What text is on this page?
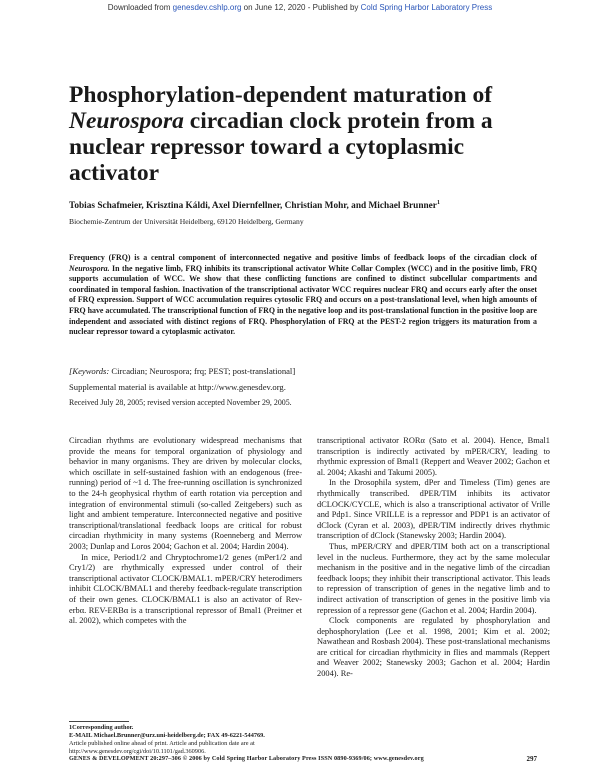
Downloaded from genesdev.cshlp.org on June 12, 2020 - Published by Cold Spring Harbor Laboratory Press
Phosphorylation-dependent maturation of Neurospora circadian clock protein from a nuclear repressor toward a cytoplasmic activator
Tobias Schafmeier, Krisztina Káldi, Axel Diernfellner, Christian Mohr, and Michael Brunner$^1$
Biochemie-Zentrum der Universität Heidelberg, 69120 Heidelberg, Germany

Frequency (FRQ) is a central component of interconnected negative and positive limbs of feedback loops of the circadian clock of Neurospora. In the negative limb, FRQ inhibits its transcriptional activator White Collar Complex (WCC) and in the positive limb, FRQ supports accumulation of WCC. We show that these conflicting functions are confined to distinct subcellular compartments and coordinated in temporal fashion. Inactivation of the transcriptional activator WCC requires nuclear FRQ and occurs early after the onset of FRQ expression. Support of WCC accumulation requires cytosolic FRQ and occurs on a post-translational level, when high amounts of FRQ have accumulated. The transcriptional function of FRQ in the negative loop and its post-translational function in the positive loop are independent and associated with distinct regions of FRQ. Phosphorylation of FRQ at the PEST-2 region triggers its maturation from a nuclear repressor toward a cytoplasmic activator.

[Keywords: Circadian; Neurospora; frq; PEST; post-translational]
Supplemental material is available at http://www.genesdev.org.
Received July 28, 2005; revised version accepted November 29, 2005.

Circadian rhythms are evolutionary widespread mechanisms that provide the means for temporal organization of physiology and behavior in many organisms. They are driven by molecular clocks, which oscillate in self-sustained fashion with an endogenous (free-running) period of ~1 d. The free-running oscillation is synchronized to the 24-h geophysical rhythm of earth rotation via perception and integration of environmental stimuli (so-called Zeitgebers) such as light and ambient temperature. Interconnected negative and positive transcriptional/translational feedback loops are critical for robust circadian rhythmicity in many systems (Roenneberg and Merrow 2003; Dunlap and Loros 2004; Gachon et al. 2004; Hardin 2004).

In mice, Period1/2 and Chryptochrome1/2 genes (mPer1/2 and Cry1/2) are rhythmically expressed under control of their transcriptional activator CLOCK/BMAL1. mPER/CRY heterodimers inhibit CLOCK/BMAL1 and thereby feedback-regulate transcription of their own genes. CLOCK/BMAL1 is also an activator of Rev-erbα. REV-ERBα is a transcriptional repressor of Bmal1 (Preitner et al. 2002), which competes with the

transcriptional activator RORα (Sato et al. 2004). Hence, Bmal1 transcription is indirectly activated by mPER/CRY, leading to rhythmic expression of Bmal1 (Reppert and Weaver 2002; Gachon et al. 2004; Akashi and Takumi 2005).

In the Drosophila system, dPer and Timeless (Tim) genes are rhythmically transcribed. dPER/TIM inhibits its activator dCLOCK/CYCLE, which is also a transcriptional activator of Vrille and Pdp1. Since VRILLE is a repressor and PDP1 is an activator of dClock (Cyran et al. 2003), dPER/TIM indirectly drives rhythmic transcription of dClock (Stanewsky 2003; Hardin 2004).

Thus, mPER/CRY and dPER/TIM both act on a transcriptional level in the nucleus. Furthermore, they act by the same molecular mechanism in the positive and in the negative limb of the circadian feedback loops; they inhibit their transcriptional activator. This leads to repression of transcription of genes in the negative limb and to indirect activation of transcription of genes in the positive limb via repression of a repressor gene (Gachon et al. 2004; Hardin 2004).

Clock components are regulated by phosphorylation and dephosphorylation (Lee et al. 1998, 2001; Kim et al. 2002; Nawathean and Rosbash 2004). These post-translational mechanisms are critical for circadian rhythmicity in flies and mammals (Reppert and Weaver 2002; Stanewsky 2003; Gachon et al. 2004; Hardin 2004). Re-

1Corresponding author.
E-MAIL Michael.Brunner@urz.uni-heidelberg.de; FAX 49-6221-544769.
Article published online ahead of print. Article and publication date are at http://www.genesdev.org/cgi/doi/10.1101/gad.360906.
GENES & DEVELOPMENT 20:297–306 © 2006 by Cold Spring Harbor Laboratory Press ISSN 0890-9369/06; www.genesdev.org	297
